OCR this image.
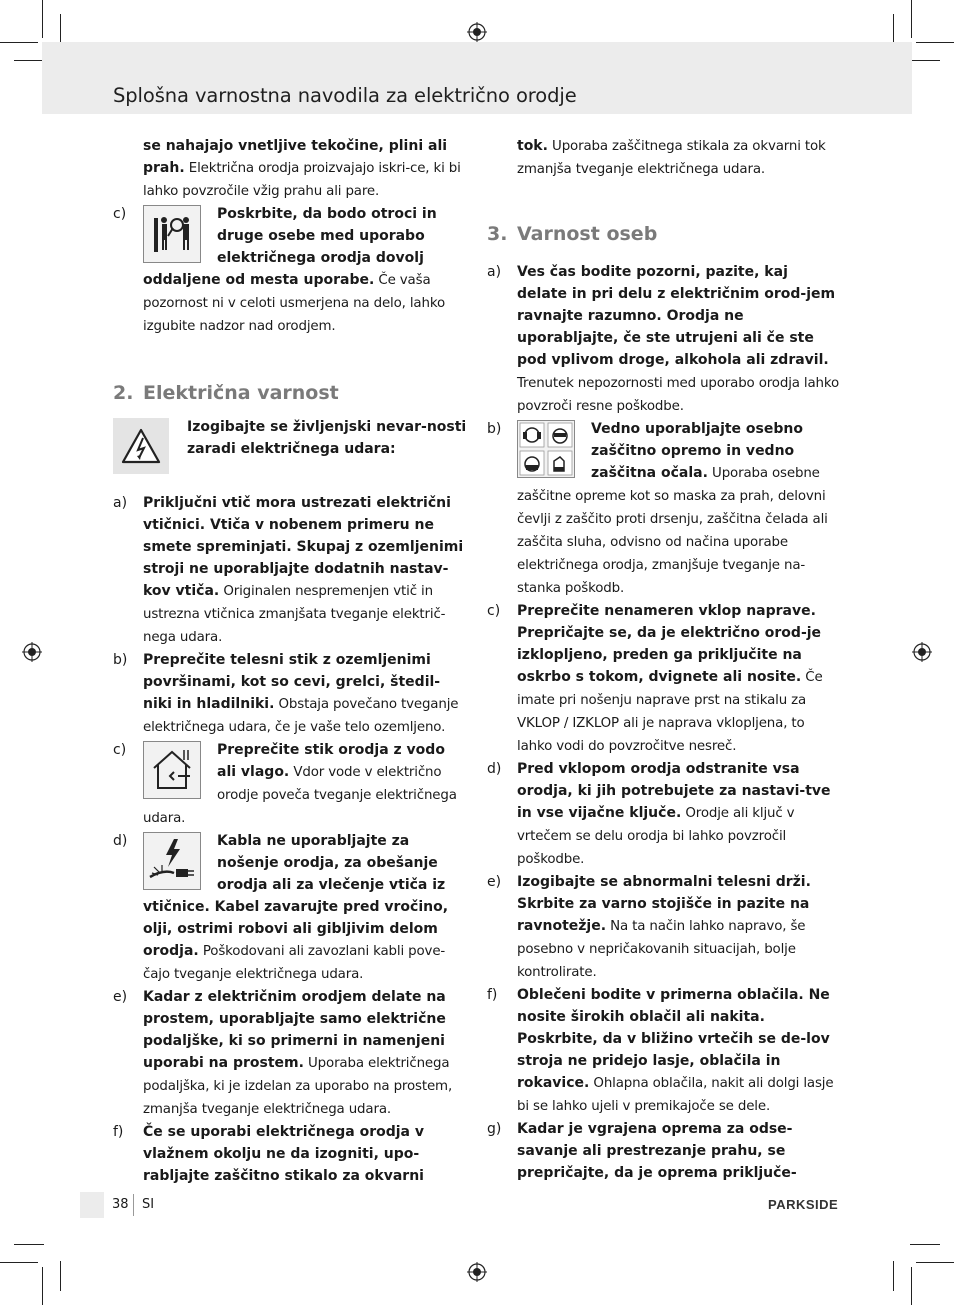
Splošna varnostna navodila za električno orodje

se nahajajo vnetljive tekočine, plini ali prah. Električna orodja proizvajajo iskri-ce, ki bi lahko povzročile vžig prahu ali pare.

c)	Poskrbite, da bodo otroci in druge osebe med uporabo električnega orodja dovolj oddaljene od mesta uporabe. Če vaša pozornost ni v celoti usmerjena na delo, lahko izgubite nadzor nad orodjem.

2. Električna varnost

Izogibajte se življenjski nevar-nosti zaradi električnega udara:

a) Priključni vtič mora ustrezati električni vtičnici. Vtiča v nobenem primeru ne smete spreminjati. Skupaj z ozemljenimi stroji ne uporabljajte dodatnih nastav-kov vtiča. Originalen nespremenjen vtič in ustrezna vtičnica zmanjšata tveganje električ-nega udara.

b) Preprečite telesni stik z ozemljenimi površinami, kot so cevi, grelci, štedil-niki in hladilniki. Obstaja povečano tveganje električnega udara, če je vaše telo ozemljeno.

c)	Preprečite stik orodja z vodo ali vlago. Vdor vode v električno orodje poveča tveganje električnega udara.

d)	Kabla ne uporabljajte za nošenje orodja, za obešanje orodja ali za vlečenje vtiča iz vtičnice. Kabel zavarujte pred vročino, olji, ostrimi robovi ali gibljivim delom orodja. Poškodovani ali zavozlani kabli pove-čajo tveganje električnega udara.

e) Kadar z električnim orodjem delate na prostem, uporabljajte samo električne podaljške, ki so primerni in namenjeni uporabi na prostem. Uporaba električnega podaljška, ki je izdelan za uporabo na prostem, zmanjša tveganje električnega udara.

f) Če se uporabi električnega orodja v vlažnem okolju ne da izogniti, upo-rabljajte zaščitno stikalo za okvarni

tok. Uporaba zaščitnega stikala za okvarni tok zmanjša tveganje električnega udara.

3. Varnost oseb
a) Ves čas bodite pozorni, pazite, kaj delate in pri delu z električnim orod-jem ravnajte razumno. Orodja ne uporabljajte, če ste utrujeni ali če ste pod vplivom droge, alkohola ali zdravil. Trenutek nepozornosti med uporabo orodja lahko povzroči resne poškodbe.

b)	Vedno uporabljajte osebno zaščitno opremo in vedno zaščitna očala. Uporaba osebne zaščitne opreme kot so maska za prah, delovni čevlji z zaščito proti drsenju, zaščitna čelada ali zaščita sluha, odvisno od načina uporabe električnega orodja, zmanjšuje tveganje na-stanka poškodb.

c) Preprečite nenameren vklop naprave. Prepričajte se, da je električno orod-je izklopljeno, preden ga priključite na oskrbo s tokom, dvignete ali nosite. Če imate pri nošenju naprave prst na stikalu za VKLOP / IZKLOP ali je naprava vklopljena, to lahko vodi do povzročitve nesreč.

d) Pred vklopom orodja odstranite vsa orodja, ki jih potrebujete za nastavi-tve in vse vijačne ključe. Orodje ali ključ v vrtečem se delu orodja bi lahko povzročil poškodbe.

e) Izogibajte se abnormalni telesni drži. Skrbite za varno stojišče in pazite na ravnotežje. Na ta način lahko napravo, še posebno v nepričakovanih situacijah, bolje kontrolirate.

f) Oblečeni bodite v primerna oblačila. Ne nosite širokih oblačil ali nakita. Poskrbite, da v bližino vrtečih se de-lov stroja ne pridejo lasje, oblačila in rokavice. Ohlapna oblačila, nakit ali dolgi lasje bi se lahko ujeli v premikajoče se dele.

g) Kadar je vgrajena oprema za odse-savanje ali prestrezanje prahu, se prepričajte, da je oprema priključe-

38 SI	PARKSIDE
